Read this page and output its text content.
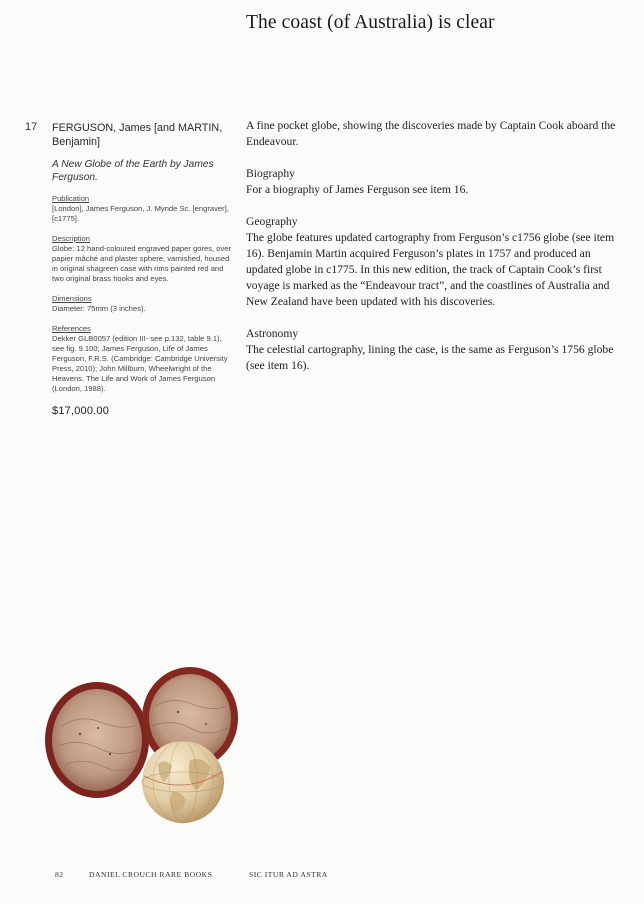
The coast (of Australia) is clear
17 FERGUSON, James [and MARTIN, Benjamin]
A New Globe of the Earth by James Ferguson.
Publication
[London], James Ferguson, J. Mynde Sc. [engraver], [c1775].
Description
Globe: 12 hand-coloured engraved paper gores, over papier mâché and plaster sphere, varnished, housed in original shagreen case with rims painted red and two original brass hooks and eyes.
Dimensions
Diameter: 75mm (3 inches).
References
Dekker GLB0057 (edition III- see p.132, table 9.1), see fig. 9.100; James Ferguson, Life of James Ferguson, F.R.S. (Cambridge: Cambridge University Press, 2010); John Millburn, Wheelwright of the Heavens. The Life and Work of James Ferguson (London, 1988).
$17,000.00

A fine pocket globe, showing the discoveries made by Captain Cook aboard the Endeavour.

Biography

For a biography of James Ferguson see item 16.

Geography

The globe features updated cartography from Ferguson’s c1756 globe (see item 16). Benjamin Martin acquired Ferguson’s plates in 1757 and produced an updated globe in c1775. In this new edition, the track of Captain Cook’s first voyage is marked as the “Endeavour tract”, and the coastlines of Australia and New Zealand have been updated with his discoveries.

Astronomy

The celestial cartography, lining the case, is the same as Ferguson’s 1756 globe (see item 16).

82	DANIEL CROUCH RARE BOOKS	SIC ITUR AD ASTRA
